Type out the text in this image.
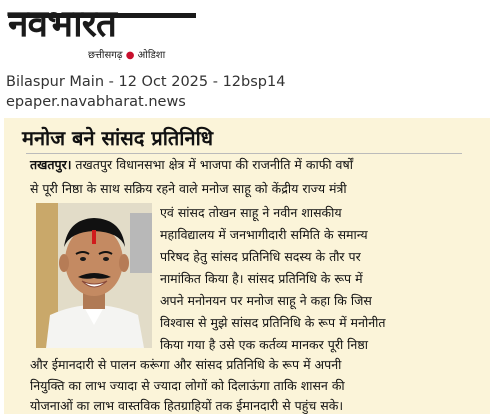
नवभारत
छत्तीसगढ़ ● ओडिशा
Bilaspur Main - 12 Oct 2025 - 12bsp14
epaper.navabharat.news
मनोज बने सांसद प्रतिनिधि
तखतपुर। तखतपुर विधानसभा क्षेत्र में भाजपा की राजनीति में काफी वर्षों
से पूरी निष्ठा के साथ सक्रिय रहने वाले मनोज साहू को केंद्रीय राज्य मंत्री
एवं सांसद तोखन साहू ने नवीन शासकीय
महाविद्यालय में जनभागीदारी समिति के समान्य
परिषद हेतु सांसद प्रतिनिधि सदस्य के तौर पर
नामांकित किया है। सांसद प्रतिनिधि के रूप में
अपने मनोनयन पर मनोज साहू ने कहा कि जिस
विश्वास से मुझे सांसद प्रतिनिधि के रूप में मनोनीत
किया गया है उसे एक कर्तव्य मानकर पूरी निष्ठा
और ईमानदारी से पालन करूंगा और सांसद प्रतिनिधि के रूप में अपनी
नियुक्ति का लाभ ज्यादा से ज्यादा लोगों को दिलाऊंगा ताकि शासन की
योजनाओं का लाभ वास्तविक हितग्राहियों तक ईमानदारी से पहुंच सके।
